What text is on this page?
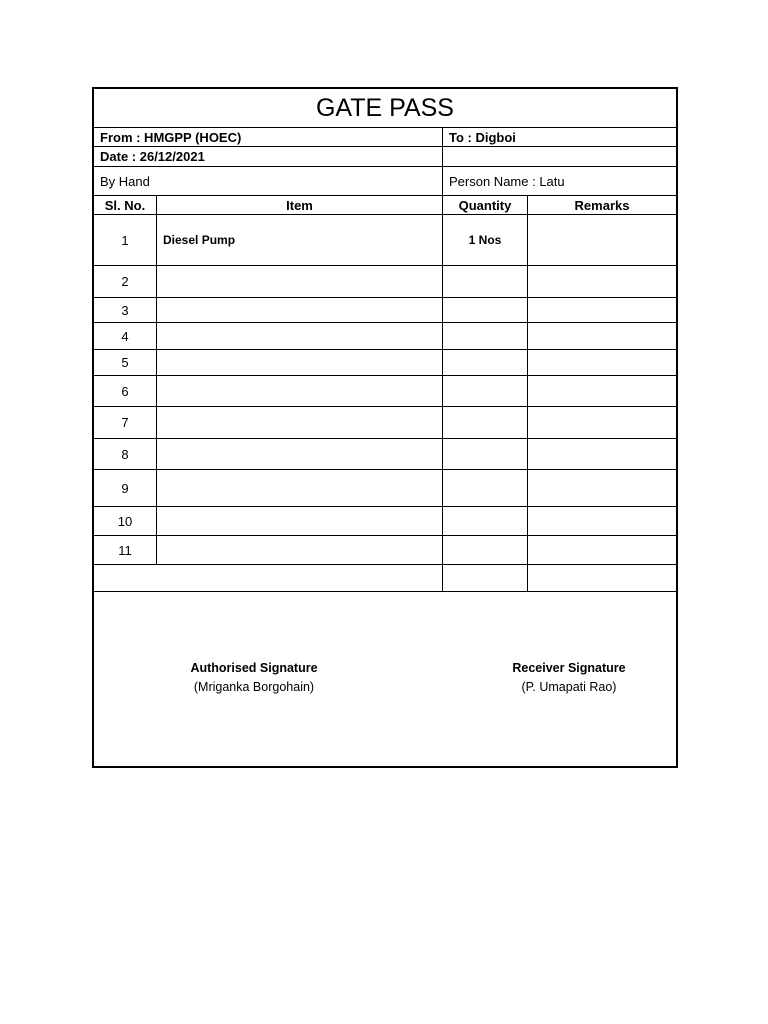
GATE PASS
From : HMGPP (HOEC)	To : Digboi
Date : 26/12/2021
By Hand	Person Name : Latu
Sl. No.	Item	Quantity	Remarks
1	Diesel Pump	1 Nos
2
3
4
5
6
7
8
9
10
11
Authorised Signature
(Mriganka Borgohain)
Receiver Signature
(P. Umapati Rao)
